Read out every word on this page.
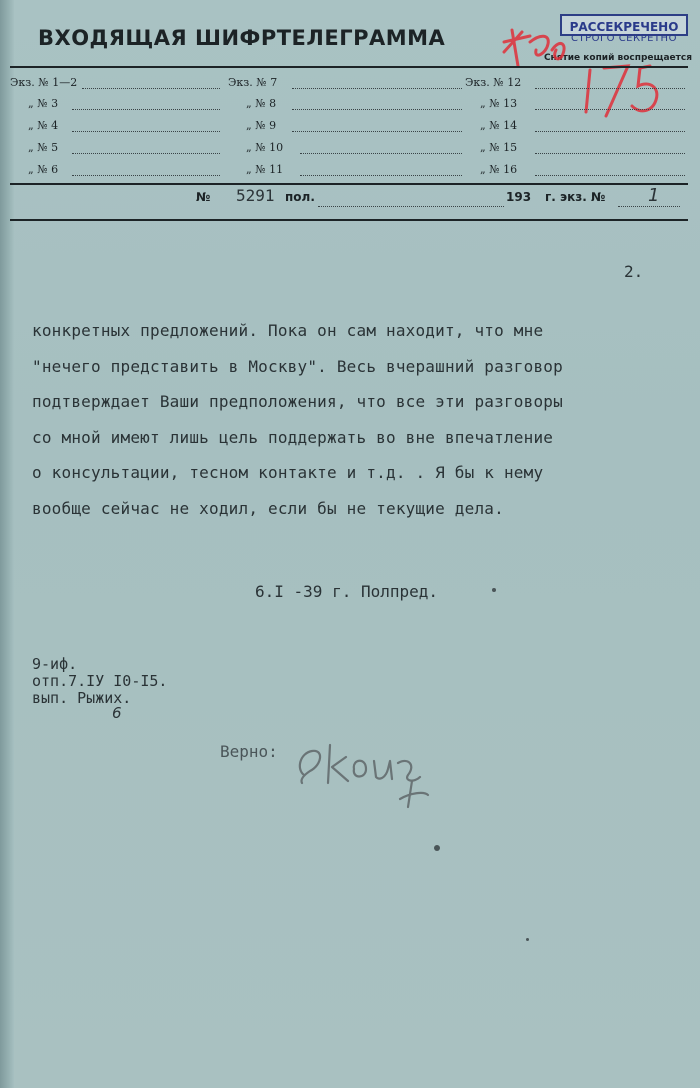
ВХОДЯЩАЯ ШИФРТЕЛЕГРАММА	РАССЕКРЕЧЕНО
СТРОГО СЕКРЕТНО
Снятие копий воспрещается
Экз. № 1—2
„ № 3
„ № 4
„ № 5
„ № 6
Экз. № 7
„ № 8
„ № 9
„ № 10
„ № 11
Экз. № 12
„ № 13
„ № 14
„ № 15
„ № 16
№ 5291 пол.	193 г. экз. № 1
2.
конкретных предложений. Пока он сам находит, что мне
"нечего представить в Москву". Весь вчерашний разговор
подтверждает Ваши предположения, что все эти разговоры
со мной имеют лишь цель поддержать во вне впечатление
о консультации, тесном контакте и т.д. . Я бы к нему
вообще сейчас не ходил, если бы не текущие дела.
6.I -39 г. Полпред.
9-иф.
отп.7.IУ I0-I5.
вып. Рыжих.
6
Верно:
